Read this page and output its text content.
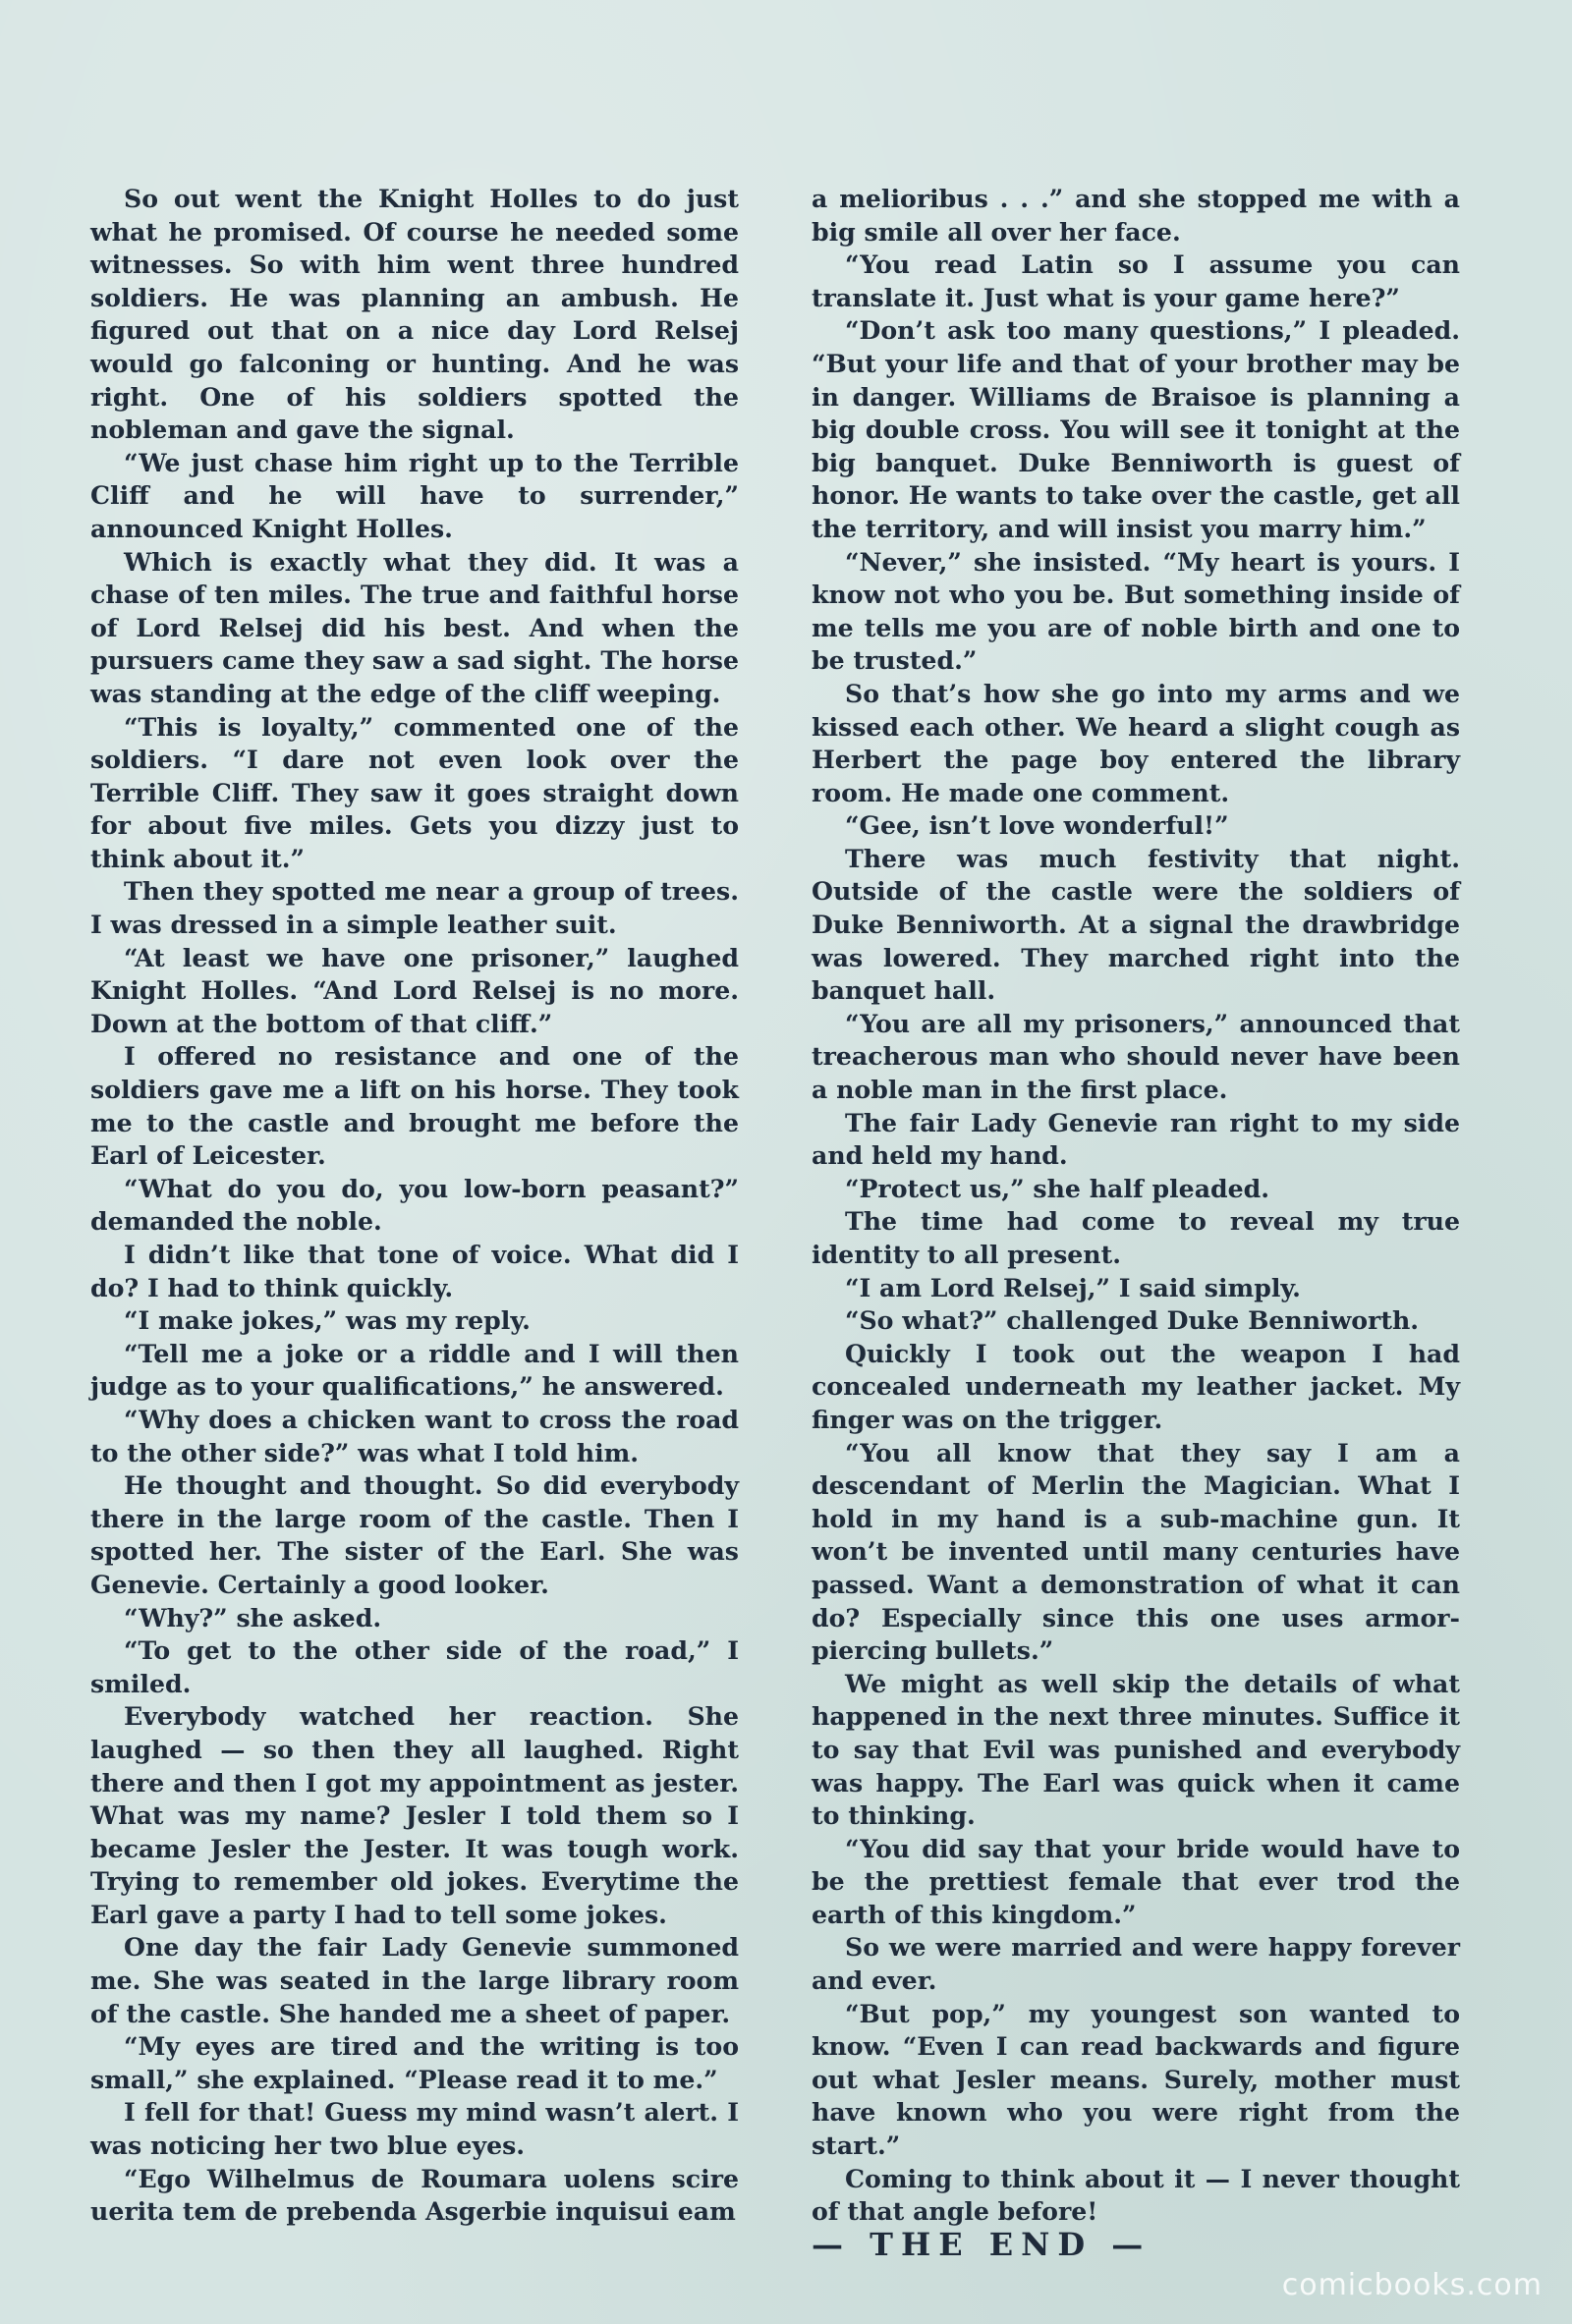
So out went the Knight Holles to do just what he promised. Of course he needed some witnesses. So with him went three hundred soldiers. He was planning an ambush. He figured out that on a nice day Lord Relsej would go falconing or hunting. And he was right. One of his soldiers spotted the nobleman and gave the signal.

“We just chase him right up to the Terrible Cliff and he will have to surrender,” announced Knight Holles.

Which is exactly what they did. It was a chase of ten miles. The true and faithful horse of Lord Relsej did his best. And when the pursuers came they saw a sad sight. The horse was standing at the edge of the cliff weeping.

“This is loyalty,” commented one of the soldiers. “I dare not even look over the Terrible Cliff. They saw it goes straight down for about five miles. Gets you dizzy just to think about it.”

Then they spotted me near a group of trees. I was dressed in a simple leather suit.

“At least we have one prisoner,” laughed Knight Holles. “And Lord Relsej is no more. Down at the bottom of that cliff.”

I offered no resistance and one of the soldiers gave me a lift on his horse. They took me to the castle and brought me before the Earl of Leicester.

“What do you do, you low-born peasant?” demanded the noble.

I didn’t like that tone of voice. What did I do? I had to think quickly.

“I make jokes,” was my reply.

“Tell me a joke or a riddle and I will then judge as to your qualifications,” he answered.

“Why does a chicken want to cross the road to the other side?” was what I told him.

He thought and thought. So did everybody there in the large room of the castle. Then I spotted her. The sister of the Earl. She was Genevie. Certainly a good looker.

“Why?” she asked.

“To get to the other side of the road,” I smiled.

Everybody watched her reaction. She laughed — so then they all laughed. Right there and then I got my appointment as jester. What was my name? Jesler I told them so I became Jesler the Jester. It was tough work. Trying to remember old jokes. Everytime the Earl gave a party I had to tell some jokes.

One day the fair Lady Genevie summoned me. She was seated in the large library room of the castle. She handed me a sheet of paper.

“My eyes are tired and the writing is too small,” she explained. “Please read it to me.”

I fell for that! Guess my mind wasn’t alert. I was noticing her two blue eyes.

“Ego Wilhelmus de Roumara uolens scire uerita tem de prebenda Asgerbie inquisui eam

a melioribus . . .” and she stopped me with a big smile all over her face.

“You read Latin so I assume you can translate it. Just what is your game here?”

“Don’t ask too many questions,” I pleaded. “But your life and that of your brother may be in danger. Williams de Braisoe is planning a big double cross. You will see it tonight at the big banquet. Duke Benniworth is guest of honor. He wants to take over the castle, get all the territory, and will insist you marry him.”

“Never,” she insisted. “My heart is yours. I know not who you be. But something inside of me tells me you are of noble birth and one to be trusted.”

So that’s how she go into my arms and we kissed each other. We heard a slight cough as Herbert the page boy entered the library room. He made one comment.

“Gee, isn’t love wonderful!”

There was much festivity that night. Outside of the castle were the soldiers of Duke Benniworth. At a signal the drawbridge was lowered. They marched right into the banquet hall.

“You are all my prisoners,” announced that treacherous man who should never have been a noble man in the first place.

The fair Lady Genevie ran right to my side and held my hand.

“Protect us,” she half pleaded.

The time had come to reveal my true identity to all present.

“I am Lord Relsej,” I said simply.

“So what?” challenged Duke Benniworth.

Quickly I took out the weapon I had concealed underneath my leather jacket. My finger was on the trigger.

“You all know that they say I am a descendant of Merlin the Magician. What I hold in my hand is a sub-machine gun. It won’t be invented until many centuries have passed. Want a demonstration of what it can do? Especially since this one uses armor-piercing bullets.”

We might as well skip the details of what happened in the next three minutes. Suffice it to say that Evil was punished and everybody was happy. The Earl was quick when it came to thinking.

“You did say that your bride would have to be the prettiest female that ever trod the earth of this kingdom.”

So we were married and were happy forever and ever.

“But pop,” my youngest son wanted to know. “Even I can read backwards and figure out what Jesler means. Surely, mother must have known who you were right from the start.”

Coming to think about it — I never thought of that angle before!

— THE END —

comicbooks.com
